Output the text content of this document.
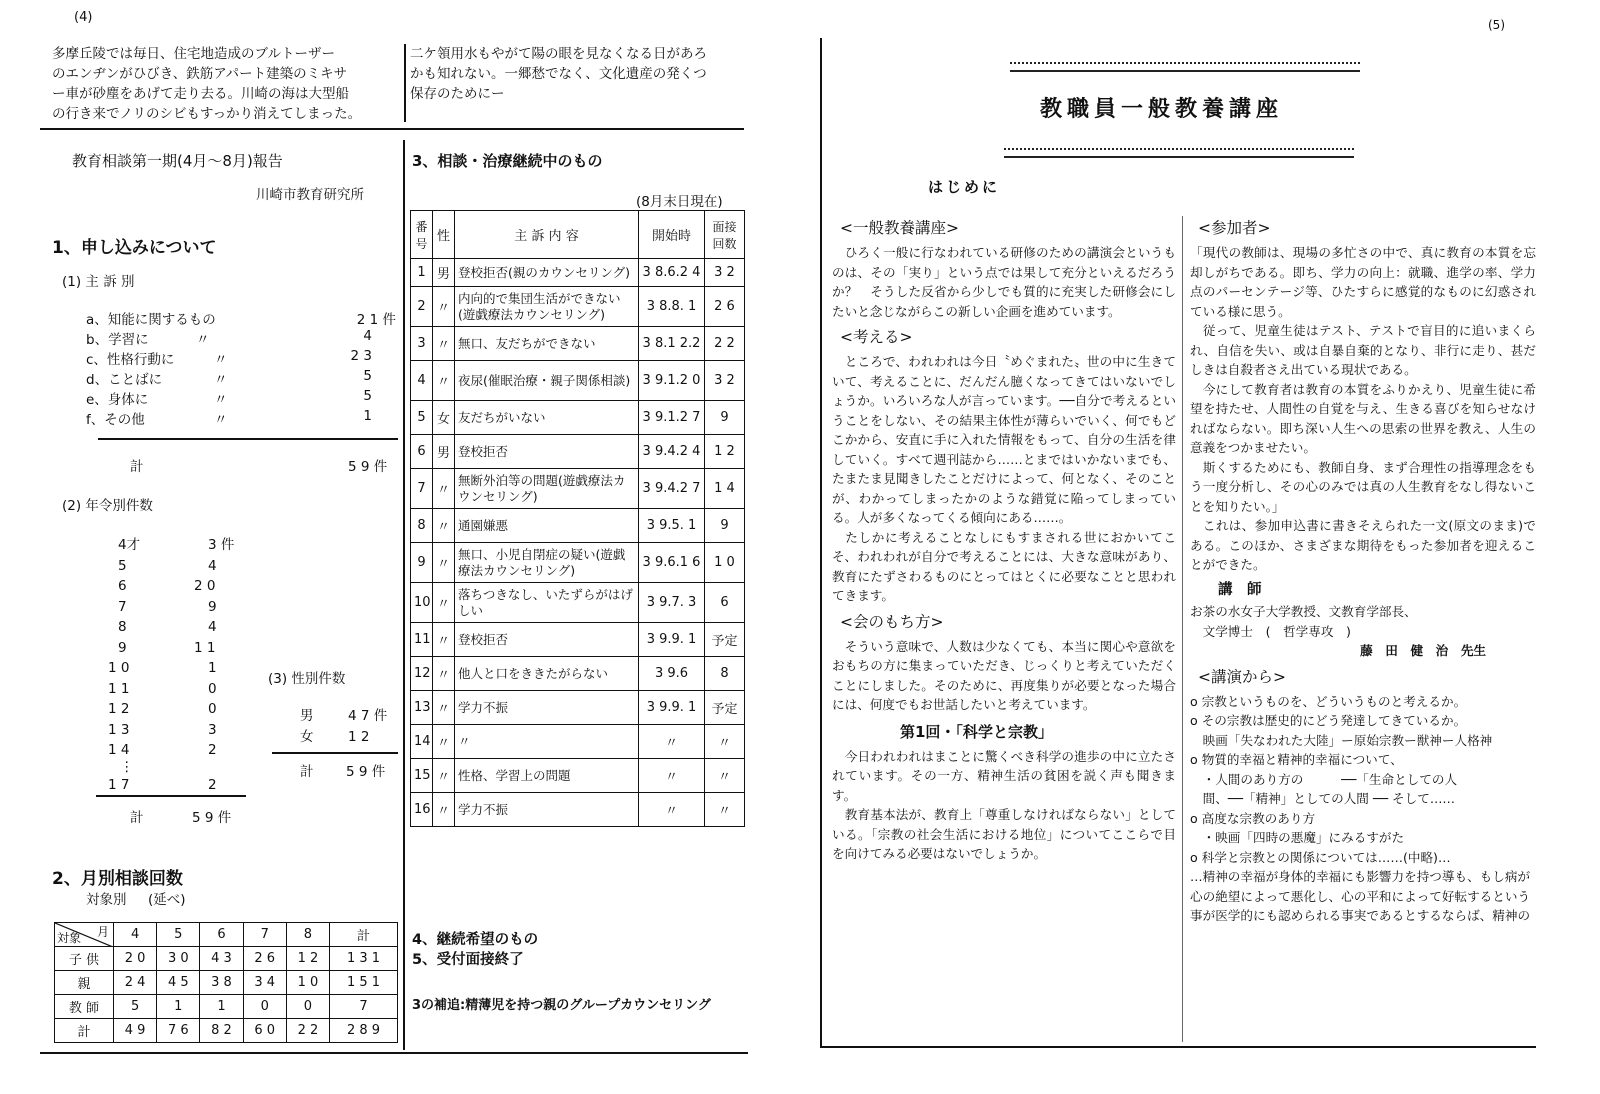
(4)
多摩丘陵では毎日、住宅地造成のブルトーザー
のエンヂンがひびき、鉄筋アパート建築のミキサ
ー車が砂塵をあげて走り去る。川崎の海は大型船
の行き来でノリのシビもすっかり消えてしまった。
二ケ領用水もやがて陽の眼を見なくなる日があろ
かも知れない。一郷愁でなく、文化遺産の発くつ
保存のためにー
教育相談第一期(4月～8月)報告
川崎市教育研究所
1、申し込みについて
(1) 主 訴 別
a、知能に関するもの	2 1 件
b、学習に	〃	4
c、性格行動に	〃	2 3
d、ことばに	〃	5
e、身体に	〃	5
f、その他	〃	1
計	5 9 件
(2) 年令別件数
4才	3 件
5	4
6	2 0
7	9
8	4
9	1 1
1 0	1
1 1	0
1 2	0
1 3	3
1 4	2
⋮
1 7	2
計	5 9 件
(3) 性別件数
男	4 7 件
女	1 2
計 5 9 件
2、月別相談回数
対象別     (延べ)
月
対象	4	5	6	7	8	計
子 供	2 0	3 0	4 3	2 6	1 2	1 3 1
親	2 4	4 5	3 8	3 4	1 0	1 5 1
教 師	5	1	1	0	0	7
計	4 9	7 6	8 2	6 0	2 2	2 8 9
3、相談・治療継続中のもの
(8月末日現在)
番号	性	主 訴 内 容	開始時	面接回数
1	男	登校拒否(親のカウンセリング)	3 8.6.2 4	3 2
2	〃	内向的で集団生活ができない(遊戯療法カウンセリング)	3 8.8. 1	2 6
3	〃	無口、友だちができない	3 8.1 2.2	2 2
4	〃	夜尿(催眠治療・親子関係相談)	3 9.1.2 0	3 2
5	女	友だちがいない	3 9.1.2 7	9
6	男	登校拒否	3 9.4.2 4	1 2
7	〃	無断外泊等の問題(遊戯療法カウンセリング)	3 9.4.2 7	1 4
8	〃	通園嫌悪	3 9.5. 1	9
9	〃	無口、小児自閉症の疑い(遊戯療法カウンセリング)	3 9.6.1 6	1 0
10	〃	落ちつきなし、いたずらがはげしい	3 9.7. 3	6
11	〃	登校拒否	3 9.9. 1	予定
12	〃	他人と口をききたがらない	3 9.6	8
13	〃	学力不振	3 9.9. 1	予定
14	〃	〃	〃	〃
15	〃	性格、学習上の問題	〃	〃
16	〃	学力不振	〃	〃
4、継続希望のもの
5、受付面接終了
3の補追:精薄児を持つ親のグループカウンセリング
(5)
教職員一般教養講座
はじめに
<一般教養講座>
　ひろく一般に行なわれている研修のための講演会というものは、その「実り」という点では果して充分といえるだろうか？　そうした反省から少しでも質的に充実した研修会にしたいと念じながらこの新しい企画を進めています。
<考える>
　ところで、われわれは今日〝めぐまれた〟世の中に生きていて、考えることに、だんだん臆くなってきてはいないでしょうか。いろいろな人が言っています。──自分で考えるということをしない、その結果主体性が薄らいでいく、何でもどこかから、安直に手に入れた情報をもって、自分の生活を律していく。すべて週刊誌から……とまではいかないまでも、たまたま見聞きしたことだけによって、何となく、そのことが、わかってしまったかのような錯覚に陥ってしまっている。人が多くなってくる傾向にある……。
　たしかに考えることなしにもすまされる世におかいてこそ、われわれが自分で考えることには、大きな意味があり、教育にたずさわるものにとってはとくに必要なことと思われてきます。
<会のもち方>
　そういう意味で、人数は少なくても、本当に関心や意欲をおもちの方に集まっていただき、じっくりと考えていただくことにしました。そのために、再度集りが必要となった場合には、何度でもお世話したいと考えています。
第1回・「科学と宗教」
　今日われわれはまことに驚くべき科学の進歩の中に立たされています。その一方、精神生活の貧困を説く声も聞きます。
　教育基本法が、教育上「尊重しなければならない」としている。「宗教の社会生活における地位」についてここらで目を向けてみる必要はないでしょうか。
<参加者>
「現代の教師は、現場の多忙さの中で、真に教育の本質を忘却しがちである。即ち、学力の向上：就職、進学の率、学力点のパーセンテージ等、ひたすらに感覚的なものに幻惑されている様に思う。
　従って、児童生徒はテスト、テストで盲目的に追いまくられ、自信を失い、或は自暴自棄的となり、非行に走り、甚だしきは自殺者さえ出ている現状である。
　今にして教育者は教育の本質をふりかえり、児童生徒に希望を持たせ、人間性の自覚を与え、生きる喜びを知らせなければならない。即ち深い人生への思索の世界を教え、人生の意義をつかませたい。
　斯くするためにも、教師自身、まず合理性の指導理念をもう一度分析し、その心のみでは真の人生教育をなし得ないことを知りたい。」
　これは、参加申込書に書きそえられた一文(原文のまま)である。このほか、さまざまな期待をもった参加者を迎えることができた。
講　師
お茶の水女子大学教授、文教育学部長、
　文学博士　(　哲学専攻　)
藤　田　健　治　先生
<講演から>
o 宗教というものを、どういうものと考えるか。
o その宗教は歴史的にどう発達してきているか。
　映画「失なわれた大陸」ー原始宗教ー獣神ー人格神
o 物質的幸福と精神的幸福について、
　・人間のあり方の　　　──「生命としての人
　間、──「精神」としての人間 ── そして……
o 高度な宗教のあり方
　・映画「四時の悪魔」にみるすがた
o 科学と宗教との関係については……(中略)…
…精神の幸福が身体的幸福にも影響力を持つ導も、もし病が心の絶望によって悪化し、心の平和によって好転するという事が医学的にも認められる事実であるとするならば、精神の
